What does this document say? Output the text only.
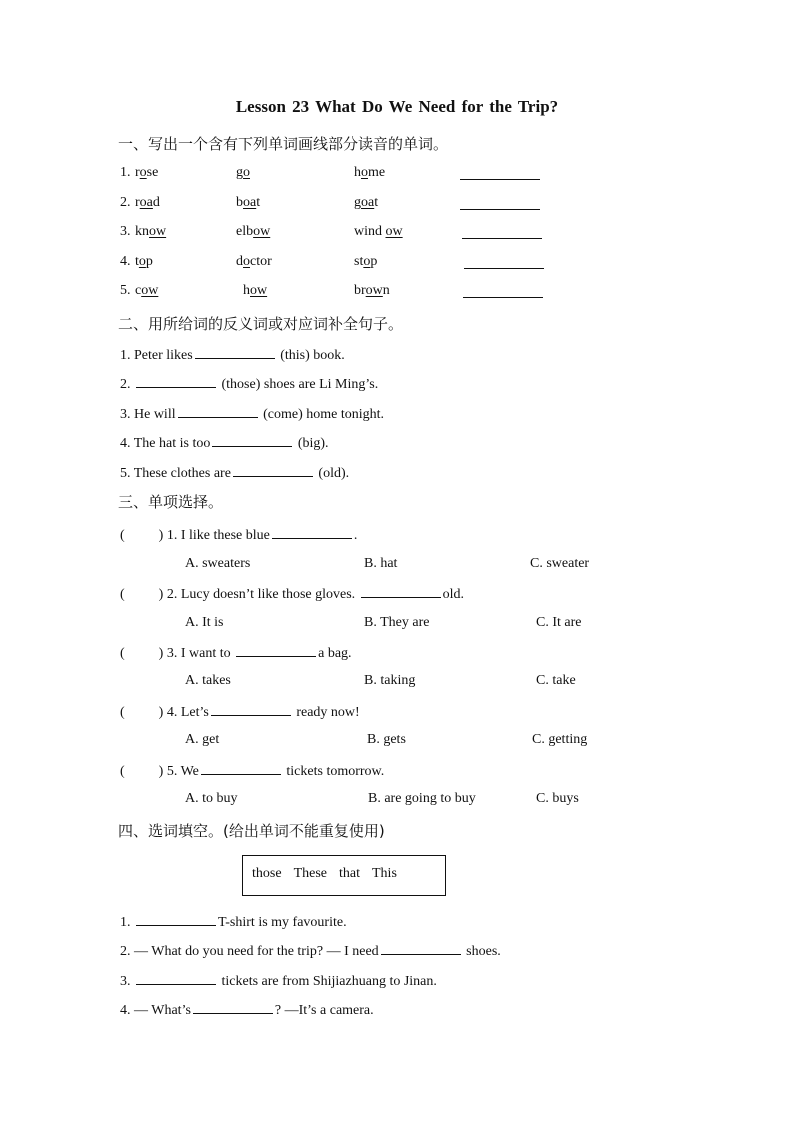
Lesson 23 What Do We Need for the Trip?
一、写出一个含有下列单词画线部分读音的单词。
1. rose	go	home
2. road	boat	goat
3. know	elbow	wind ow
4. top	doctor	stop
5. cow	how	brown
二、用所给词的反义词或对应词补全句子。
1. Peter likes	(this) book.
2.	(those) shoes are Li Ming’s.
3. He will	(come) home tonight.
4. The hat is too	(big).
5. These clothes are	(old).
三、单项选择。
( ) 1. I like these blue	.
A. sweaters	B. hat	C. sweater
( ) 2. Lucy doesn’t like those gloves.	old.
A. It is	B. They are	C. It are
( ) 3. I want to	a bag.
A. takes	B. taking	C. take
( ) 4. Let’s	ready now!
A. get	B. gets	C. getting
( ) 5. We	tickets tomorrow.
A. to buy	B. are going to buy	C. buys
四、选词填空。(给出单词不能重复使用)
those These that This
1.	T-shirt is my favourite.
2. — What do you need for the trip? — I need	shoes.
3.	tickets are from Shijiazhuang to Jinan.
4. — What’s	? —It’s a camera.
